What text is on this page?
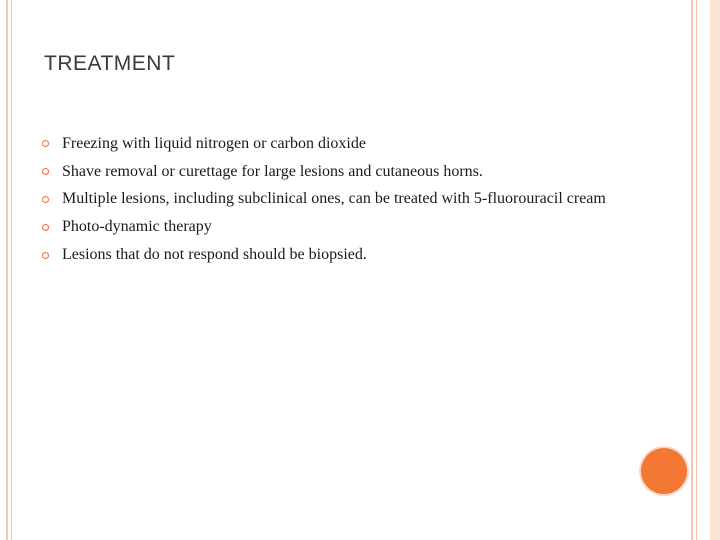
TREATMENT
Freezing with liquid nitrogen or carbon dioxide
Shave removal or curettage for large lesions and cutaneous horns.
Multiple lesions, including subclinical ones, can be treated with 5-fluorouracil cream
Photo-dynamic therapy
Lesions that do not respond should be biopsied.
